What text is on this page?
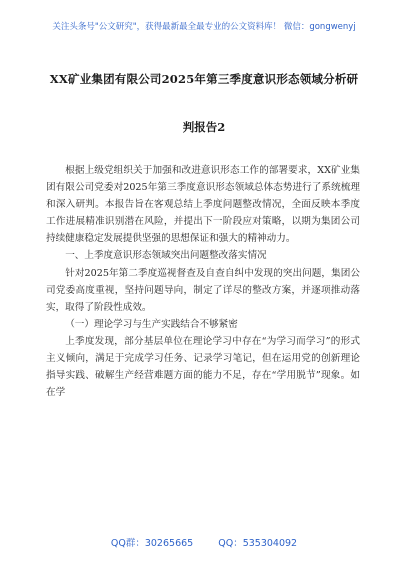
关注头条号"公文研究"，获得最新最全最专业的公文资料库！ 微信：gongwenyj
XX矿业集团有限公司2025年第三季度意识形态领域分析研
判报告2

根据上级党组织关于加强和改进意识形态工作的部署要求，XX矿业集团有限公司党委对2025年第三季度意识形态领域总体态势进行了系统梳理和深入研判。本报告旨在客观总结上季度问题整改情况，全面反映本季度工作进展精准识别潜在风险，并提出下一阶段应对策略，以期为集团公司持续健康稳定发展提供坚强的思想保证和强大的精神动力。

一、上季度意识形态领域突出问题整改落实情况

针对2025年第二季度巡视督查及自查自纠中发现的突出问题，集团公司党委高度重视，坚持问题导向，制定了详尽的整改方案，并逐项推动落实，取得了阶段性成效。

（一）理论学习与生产实践结合不够紧密

上季度发现，部分基层单位在理论学习中存在“为学习而学习”的形式主义倾向，满足于完成学习任务、记录学习笔记，但在运用党的创新理论指导实践、破解生产经营难题方面的能力不足，存在“学用脱节”现象。如在学

QQ群：30265665	QQ：535304092
